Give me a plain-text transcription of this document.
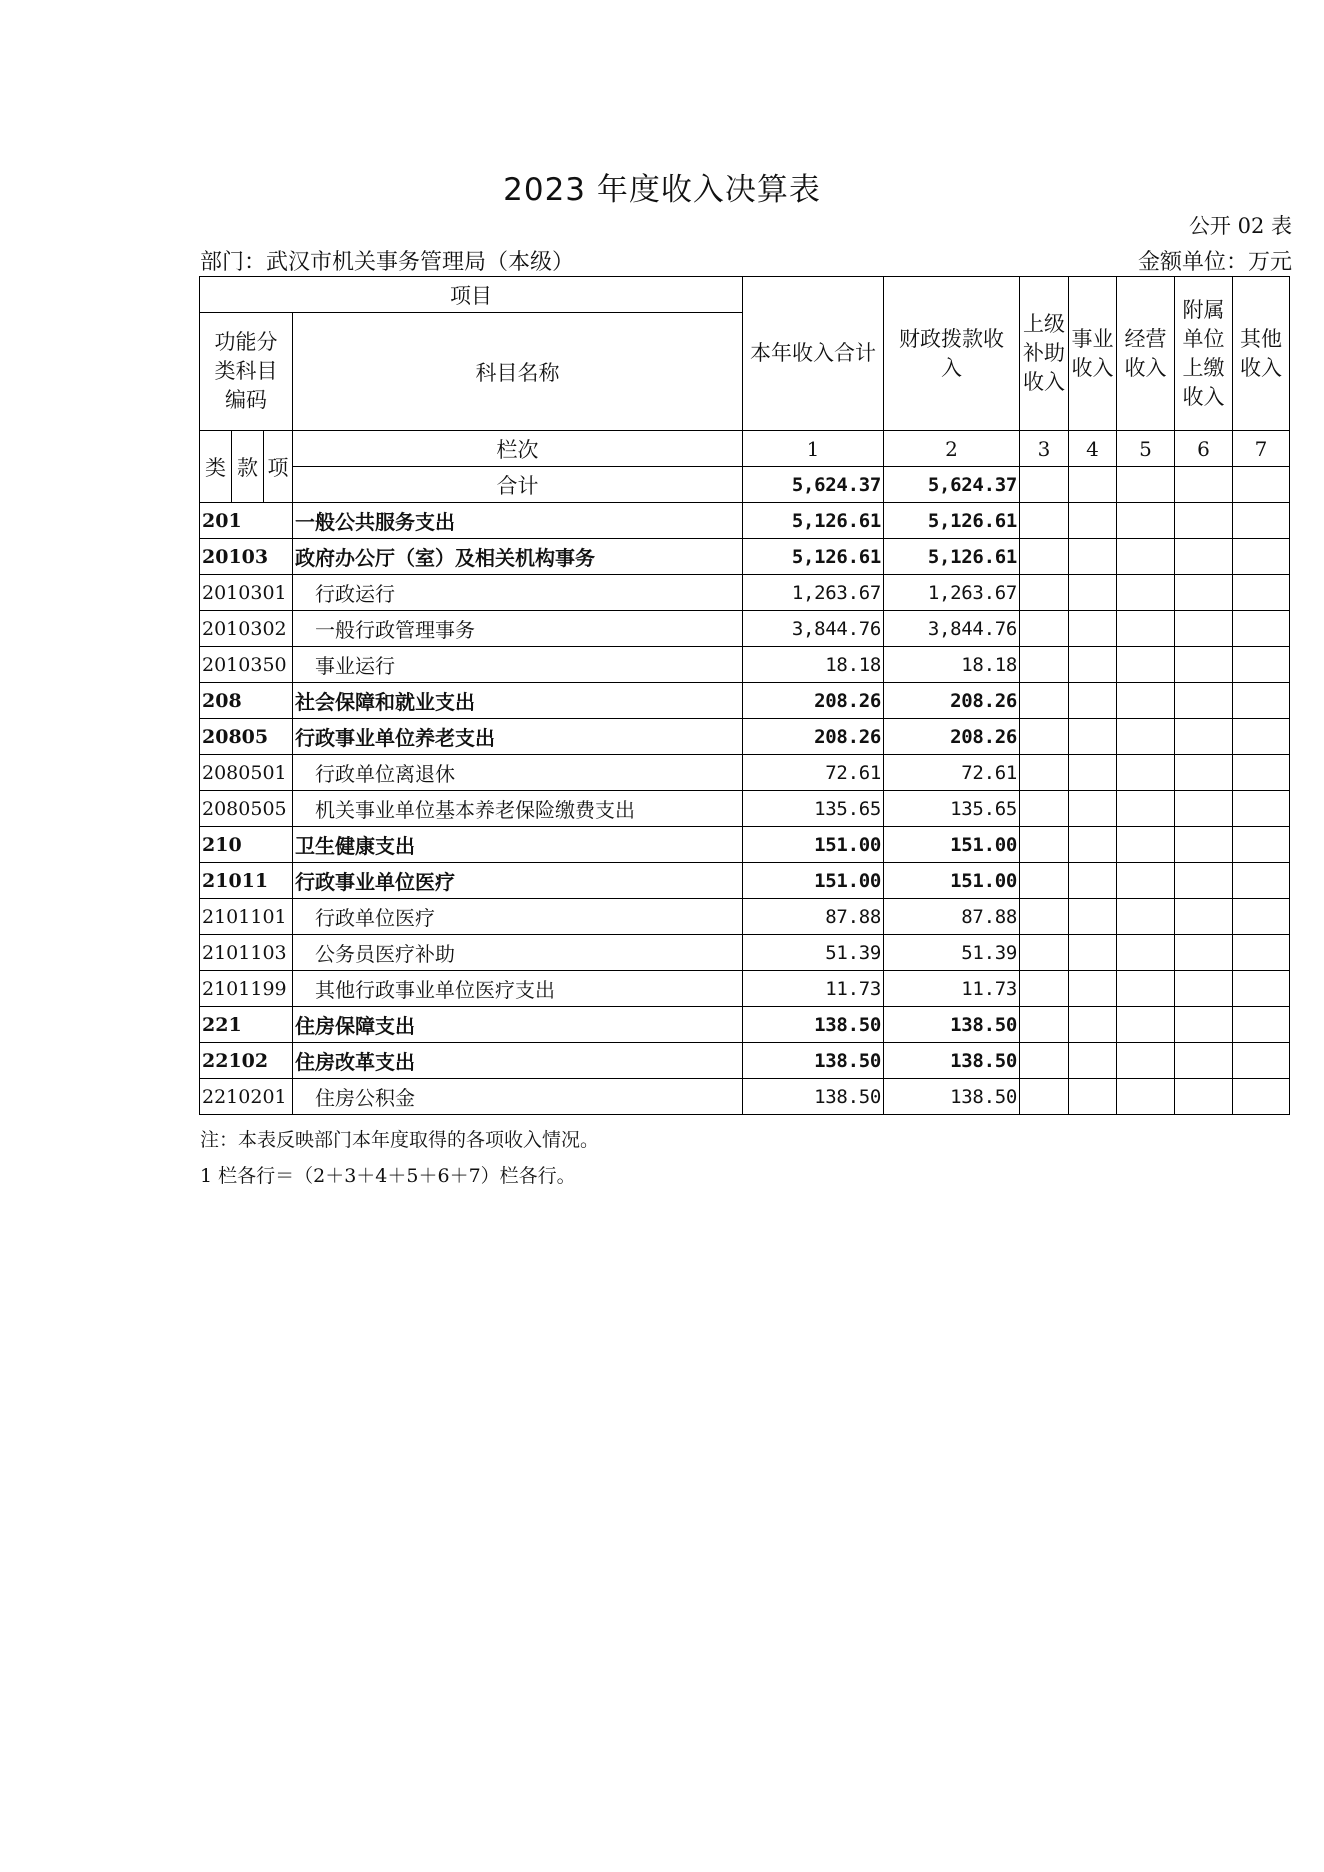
2023 年度收入决算表
公开 02 表
部门：武汉市机关事务管理局（本级）	金额单位：万元
项目				本年收入合计	财政拨款收入	上级补助收入	事业收入	经营收入	附属单位上缴收入	其他收入
功能分类科目编码			科目名称							
类	款	项	栏次	1	2	3	4	5	6	7
			合计	5,624.37	5,624.37					
201			一般公共服务支出	5,126.61	5,126.61					
20103			政府办公厅（室）及相关机构事务	5,126.61	5,126.61					
2010301			行政运行	1,263.67	1,263.67					
2010302			一般行政管理事务	3,844.76	3,844.76					
2010350			事业运行	18.18	18.18					
208			社会保障和就业支出	208.26	208.26					
20805			行政事业单位养老支出	208.26	208.26					
2080501			行政单位离退休	72.61	72.61					
2080505			机关事业单位基本养老保险缴费支出	135.65	135.65					
210			卫生健康支出	151.00	151.00					
21011			行政事业单位医疗	151.00	151.00					
2101101			行政单位医疗	87.88	87.88					
2101103			公务员医疗补助	51.39	51.39					
2101199			其他行政事业单位医疗支出	11.73	11.73					
221			住房保障支出	138.50	138.50					
22102			住房改革支出	138.50	138.50					
2210201			住房公积金	138.50	138.50					
注：本表反映部门本年度取得的各项收入情况。
1 栏各行＝（2＋3＋4＋5＋6＋7）栏各行。
